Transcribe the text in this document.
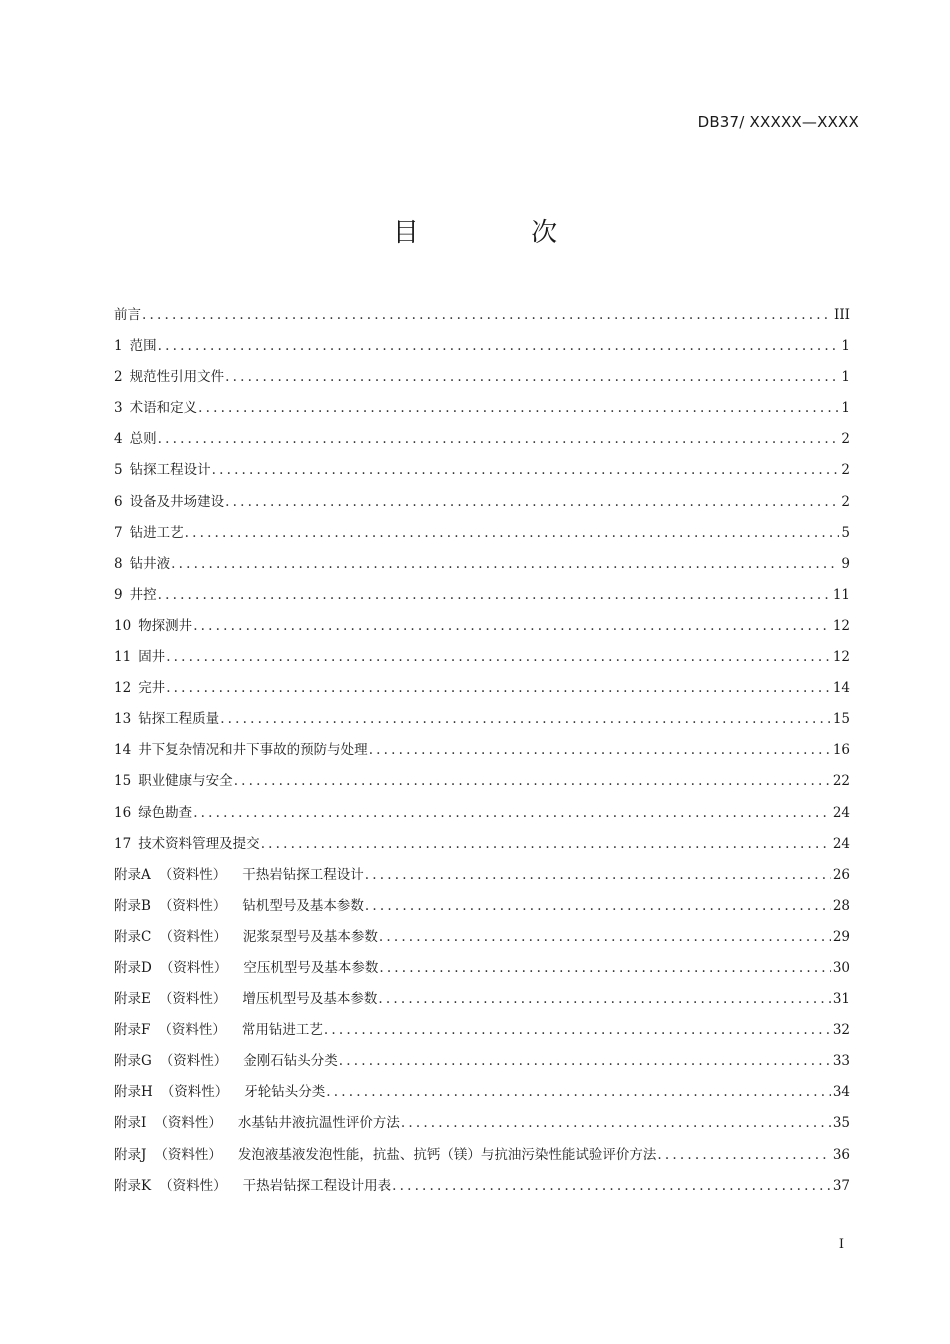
DB37/ XXXXX—XXXX
目 次
前言 .....	III
1 范围 .....	1
2 规范性引用文件 .....	1
3 术语和定义 .....	1
4 总则 .....	2
5 钻探工程设计 .....	2
6 设备及井场建设 .....	2
7 钻进工艺 .....	5
8 钻井液 .....	9
9 井控 .....	11
10 物探测井 .....	12
11 固井 .....	12
12 完井 .....	14
13 钻探工程质量 .....	15
14 井下复杂情况和井下事故的预防与处理 .....	16
15 职业健康与安全 .....	22
16 绿色勘查 .....	24
17 技术资料管理及提交 .....	24
附录A （资料性） 干热岩钻探工程设计 .....	26
附录B （资料性） 钻机型号及基本参数 .....	28
附录C （资料性） 泥浆泵型号及基本参数 .....	29
附录D （资料性） 空压机型号及基本参数 .....	30
附录E （资料性） 增压机型号及基本参数 .....	31
附录F （资料性） 常用钻进工艺 .....	32
附录G （资料性） 金刚石钻头分类 .....	33
附录H （资料性） 牙轮钻头分类 .....	34
附录I （资料性） 水基钻井液抗温性评价方法 .....	35
附录J （资料性） 发泡液基液发泡性能，抗盐、抗钙（镁）与抗油污染性能试验评价方法 .....	36
附录K （资料性） 干热岩钻探工程设计用表 .....	37
I
